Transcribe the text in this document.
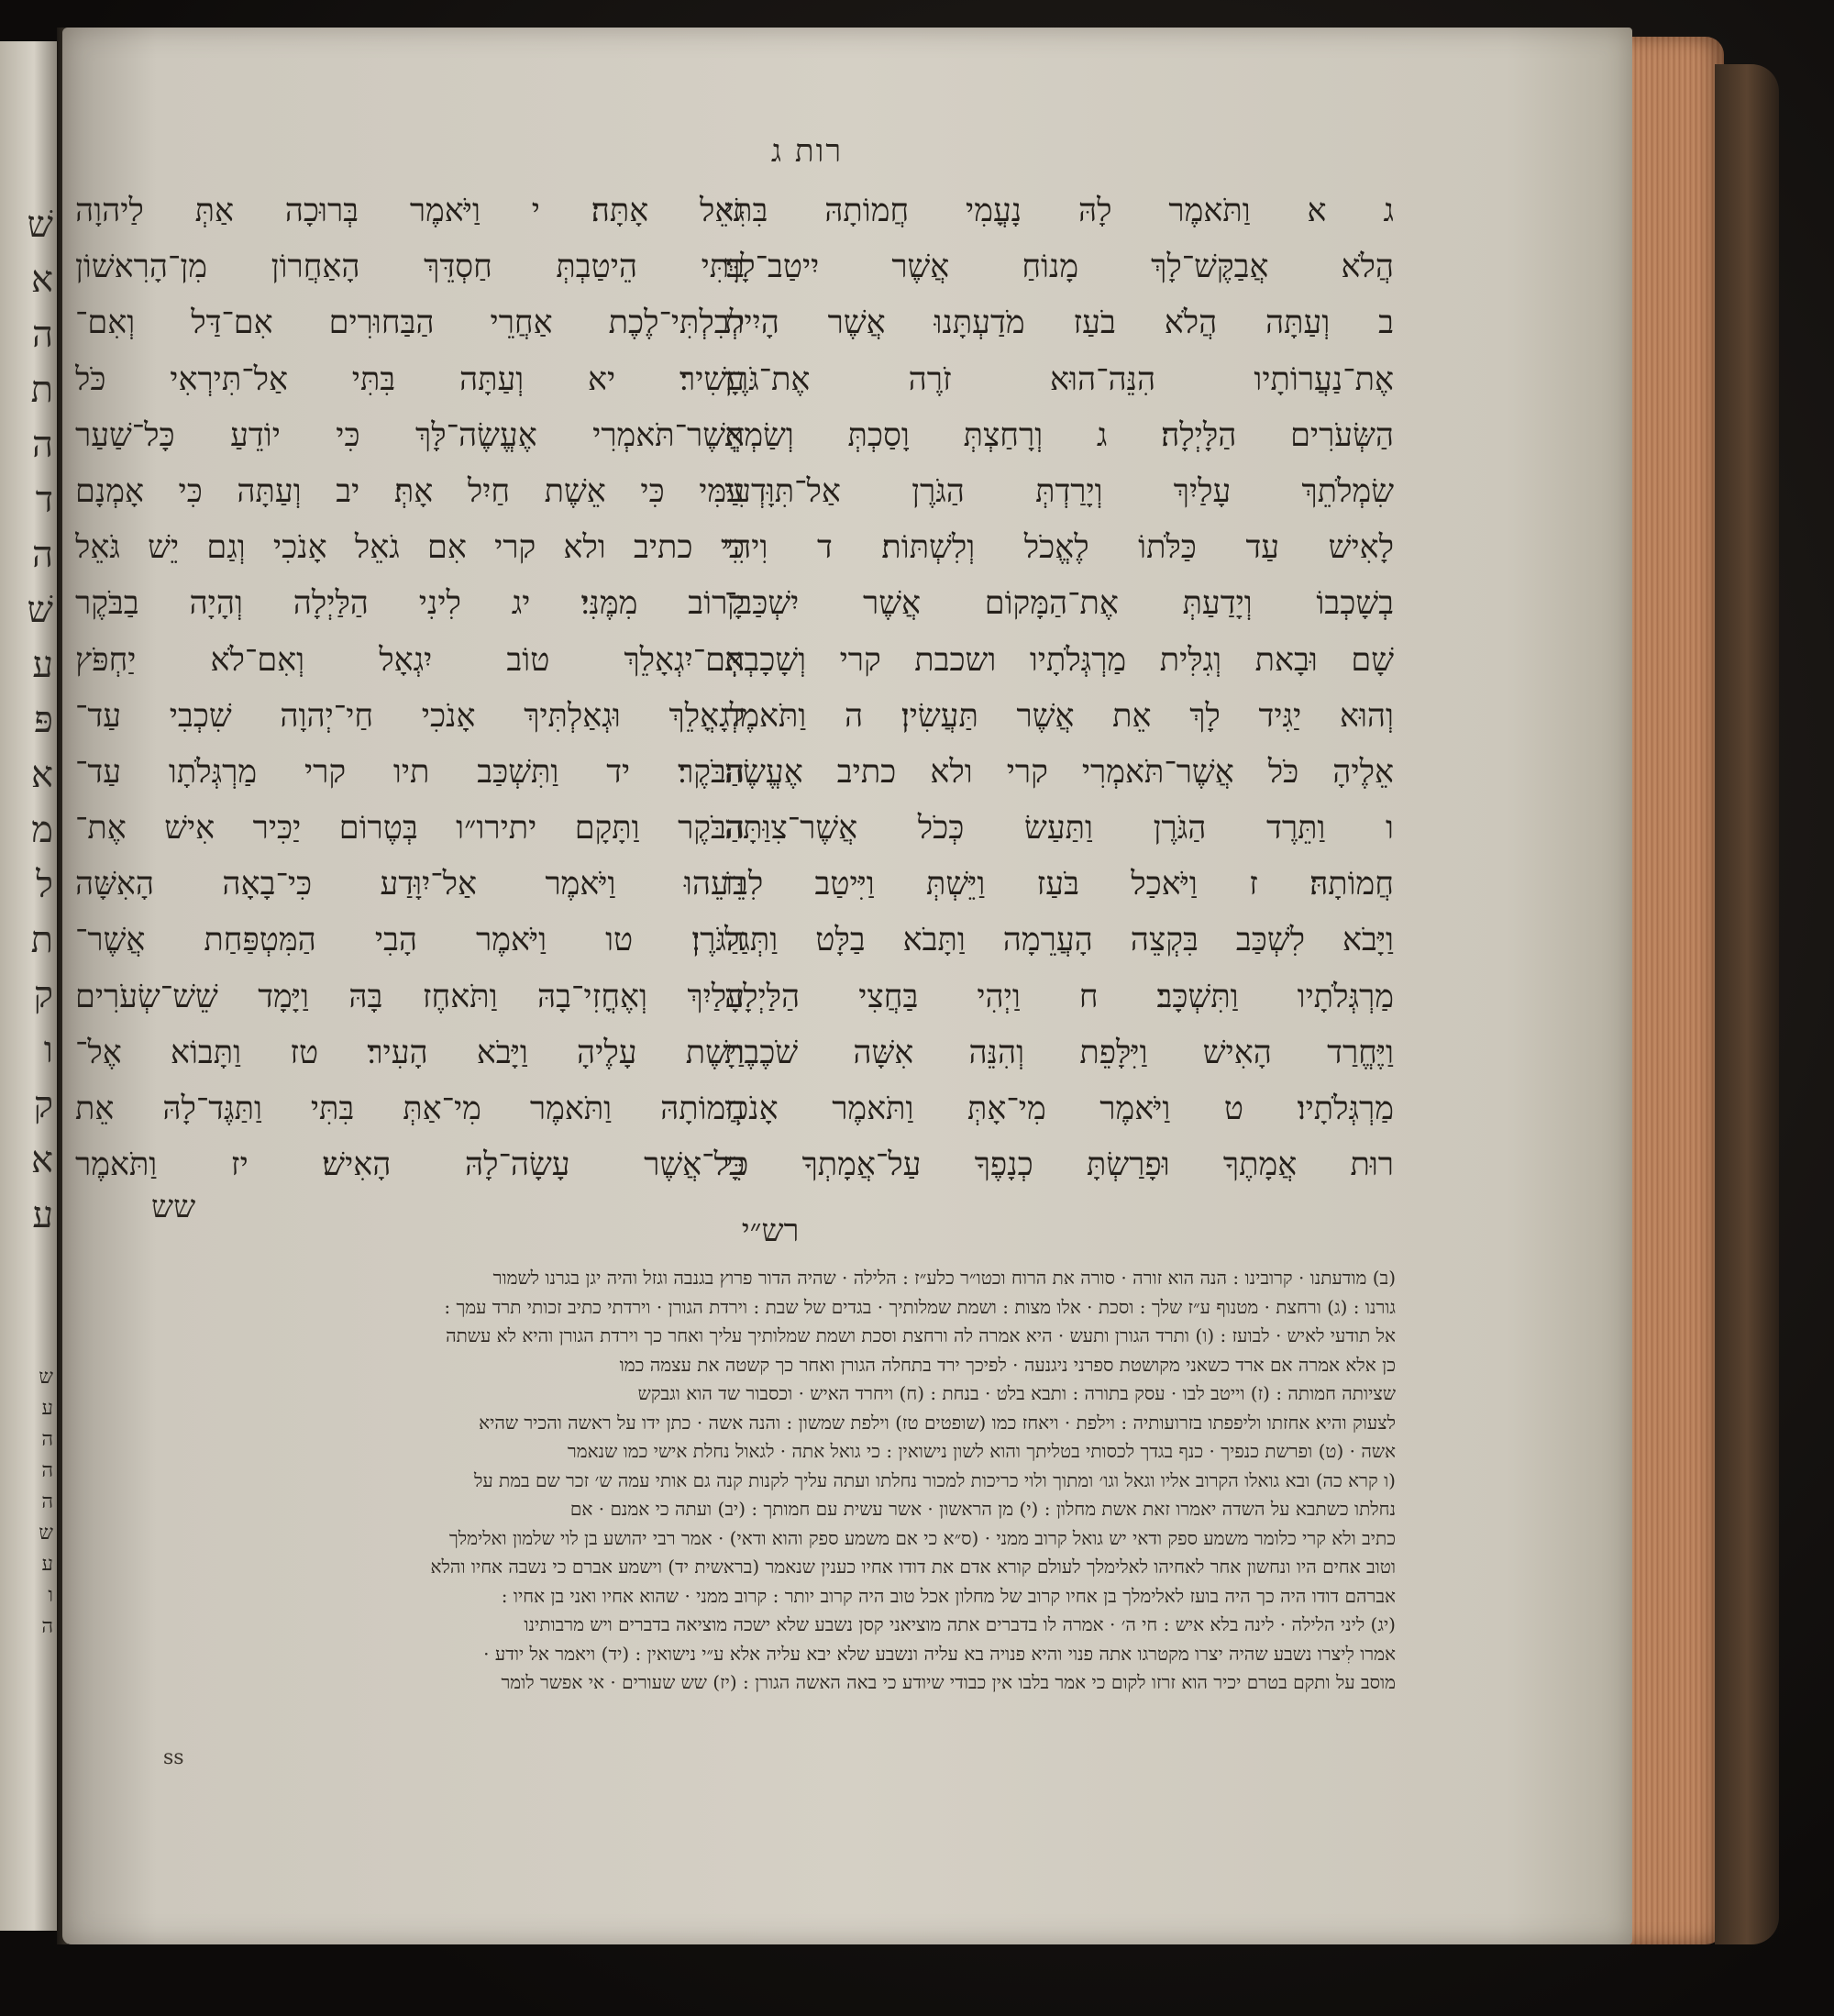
שׁ
א
ה
ת
ה
ד
ה
שׁ
ע
פּ
א
מ
ל
ת
ק
ו
ק
א
ע
ש
ע
ה
ה
ה
ש
ע
ו
ה
רות ג
ג א וַתֹּאמֶר לָהּ נָעֳמִי חֲמוֹתָהּ בִּתִּי
הֲלֹא אֲבַקֶּשׁ־לָךְ מָנוֹחַ אֲשֶׁר יִיטַב־לָךְ׃
ב וְעַתָּה הֲלֹא בֹעַז מֹדַעְתָּנוּ אֲשֶׁר הָיִית
אֶת־נַעֲרוֹתָיו הִנֵּה־הוּא זֹרֶה אֶת־גֹּרֶן
הַשְּׂעֹרִים הַלָּיְלָה׃ ג וְרָחַצְתְּ וָסַכְתְּ וְשַׂמְתְּ
שִׂמְלֹתֵךְ עָלַיִךְ וְיָרַדְתְּ הַגֹּרֶן אַל־תִּוָּדְעִי
לָאִישׁ עַד כַּלֹּתוֹ לֶאֱכֹל וְלִשְׁתּוֹת׃ ד וִיהִי
בְשָׁכְבוֹ וְיָדַעַתְּ אֶת־הַמָּקוֹם אֲשֶׁר יִשְׁכַּב־
שָׁם וּבָאת וְגִלִּית מַרְגְּלֹתָיו ושכבת קרי וְשָׁכָבְתְּ
וְהוּא יַגִּיד לָךְ אֵת אֲשֶׁר תַּעֲשִׂין׃ ה וַתֹּאמֶר
אֵלֶיהָ כֹּל אֲשֶׁר־תֹּאמְרִי קרי ולא כתיב אֶעֱשֶׂה׃
ו וַתֵּרֶד הַגֹּרֶן וַתַּעַשׂ כְּכֹל אֲשֶׁר־צִוַּתָּה
חֲמוֹתָהּ׃ ז וַיֹּאכַל בֹּעַז וַיֵּשְׁתְּ וַיִּיטַב לִבּוֹ
וַיָּבֹא לִשְׁכַּב בִּקְצֵה הָעֲרֵמָה וַתָּבֹא בַלָּט וַתְּגַל
מַרְגְּלֹתָיו וַתִּשְׁכָּב׃ ח וַיְהִי בַּחֲצִי הַלַּיְלָה
וַיֶּחֱרַד הָאִישׁ וַיִּלָּפֵת וְהִנֵּה אִשָּׁה שֹׁכֶבֶת
מַרְגְּלֹתָיו׃ ט וַיֹּאמֶר מִי־אָתְּ וַתֹּאמֶר אָנֹכִי
רוּת אֲמָתֶךָ וּפָרַשְׂתָּ כְנָפֶךָ עַל־אֲמָתְךָ כִּי
גֹאֵל אָתָּה׃ י וַיֹּאמֶר בְּרוּכָה אַתְּ לַיהוָה
בִּתִּי הֵיטַבְתְּ חַסְדֵּךְ הָאַחֲרוֹן מִן־הָרִאשׁוֹן
לְבִלְתִּי־לֶכֶת אַחֲרֵי הַבַּחוּרִים אִם־דַּל וְאִם־
עָשִׁיר׃ יא וְעַתָּה בִּתִּי אַל־תִּירְאִי כֹּל
אֲשֶׁר־תֹּאמְרִי אֶעֱשֶׂה־לָּךְ כִּי יוֹדֵעַ כָּל־שַׁעַר
עַמִּי כִּי אֵשֶׁת חַיִל אָתְּ׃ יב וְעַתָּה כִּי אָמְנָם
כִּי כתיב ולא קרי אִם גֹאֵל אָנֹכִי וְגַם יֵשׁ גֹּאֵל
קָרוֹב מִמֶּנִּי׃ יג לִינִי הַלַּיְלָה וְהָיָה בַבֹּקֶר
אִם־יִגְאָלֵךְ טוֹב יִגְאָל וְאִם־לֹא יַחְפֹּץ
לְגָאֳלֵךְ וּגְאַלְתִּיךְ אָנֹכִי חַי־יְהוָה שִׁכְבִי עַד־
הַבֹּקֶר׃ יד וַתִּשְׁכַּב תיו קרי מַרְגְּלֹתָו עַד־
הַבֹּקֶר וַתָּקָם יתירו״ו בְּטֶרוֹם יַכִּיר אִישׁ אֶת־
רֵעֵהוּ וַיֹּאמֶר אַל־יִוָּדַע כִּי־בָאָה הָאִשָּׁה
הַגֹּרֶן׃ טו וַיֹּאמֶר הָבִי הַמִּטְפַּחַת אֲשֶׁר־
עָלַיִךְ וְאֶחֳזִי־בָהּ וַתֹּאחֶז בָּהּ וַיָּמָד שֵׁשׁ־שְׂעֹרִים
וַיָּשֶׁת עָלֶיהָ וַיָּבֹא הָעִיר׃ טז וַתָּבוֹא אֶל־
חֲמוֹתָהּ וַתֹּאמֶר מִי־אַתְּ בִּתִּי וַתַּגֶּד־לָהּ אֵת
כָּל־אֲשֶׁר עָשָׂה־לָהּ הָאִישׁ׃ יז וַתֹּאמֶר
שש
רש״י
(ב) מודעתנו · קרובינו : הנה הוא זורה · סורה את הרוח וכטו״ר כלע״ז : הלילה · שהיה הדור פרוץ בגנבה וגזל והיה יגן בגרנו לשמור
גורנו : (ג) ורחצת · מטנוף ע״ז שלך : וסכת · אלו מצות : ושמת שמלותיך · בגדים של שבת : וירדת הגורן · וירדתי כתיב זכותי תרד עמך :
אל תודעי לאיש · לבועז : (ו) ותרד הגורן ותעש · היא אמרה לה ורחצת וסכת ושמת שמלותיך עליך ואחר כך וירדת הגורן והיא לא עשתה
כן אלא אמרה אם ארד כשאני מקושטת ספרני ניגנעה · לפיכך ירד בתחלה הגורן ואחר כך קשטה את עצמה כמו
שציותה חמותה : (ז) וייטב לבו · עסק בתורה : ותבא בלט · בנחת : (ח) ויחרד האיש · וכסבור שד הוא וגבקש
לצעוק והיא אחזתו וליפפתו בזרועותיה : וילפת · ויאחז כמו (שופטים טז) וילפת שמשון : והנה אשה · כתן ידו על ראשה והכיר שהיא
אשה · (ט) ופרשת כנפיך · כנף בגדך לכסותי בטליתך והוא לשון נישואין : כי גואל אתה · לגאול נחלת אישי כמו שנאמר
(ו קרא כה) ובא גואלו הקרוב אליו וגאל וגו׳ ומתוך ולוי כריכות למכור נחלתו ועתה עליך לקנות קנה גם אותי עמה ש׳ זכר שם במת על
נחלתו כשתבא על השדה יאמרו זאת אשת מחלון : (י) מן הראשון · אשר עשית עם חמותך : (יב) ועתה כי אמנם · אם
כתיב ולא קרי כלומר משמע ספק ודאי יש גואל קרוב ממני · (ס״א כי אם משמע ספק והוא ודאי) · אמר רבי יהושע בן לוי שלמון ואלימלך
וטוב אחים היו ונחשון אחר לאחיהו לאלימלך לעולם קורא אדם את דודו אחיו כענין שנאמר (בראשית יד) וישמע אברם כי נשבה אחיו והלא
אברהם דודו היה כך היה בועז לאלימלך בן אחיו קרוב של מחלון אכל טוב היה קרוב יותר : קרוב ממני · שהוא אחיו ואני בן אחיו :
(יג) ליני הלילה · לינה בלא איש : חי ה׳ · אמרה לו בדברים אתה מוציאני קסן נשבע שלא ישכה מוציאה בדברים ויש מרבותינו
אמרו לִיצרו נשבע שהיה יצרו מקטרגו אתה פנוי והיא פנויה בא עליה ונשבע שלא יבא עליה אלא ע״י נישואין : (יד) ויאמר אל יודע ·
מוסב על ותקם בטרם יכיר הוא זרזו לקום כי אמר בלבו אין כבודי שיודע כי באה האשה הגורן : (יז) שש שעורים · אי אפשר לומר
ss
